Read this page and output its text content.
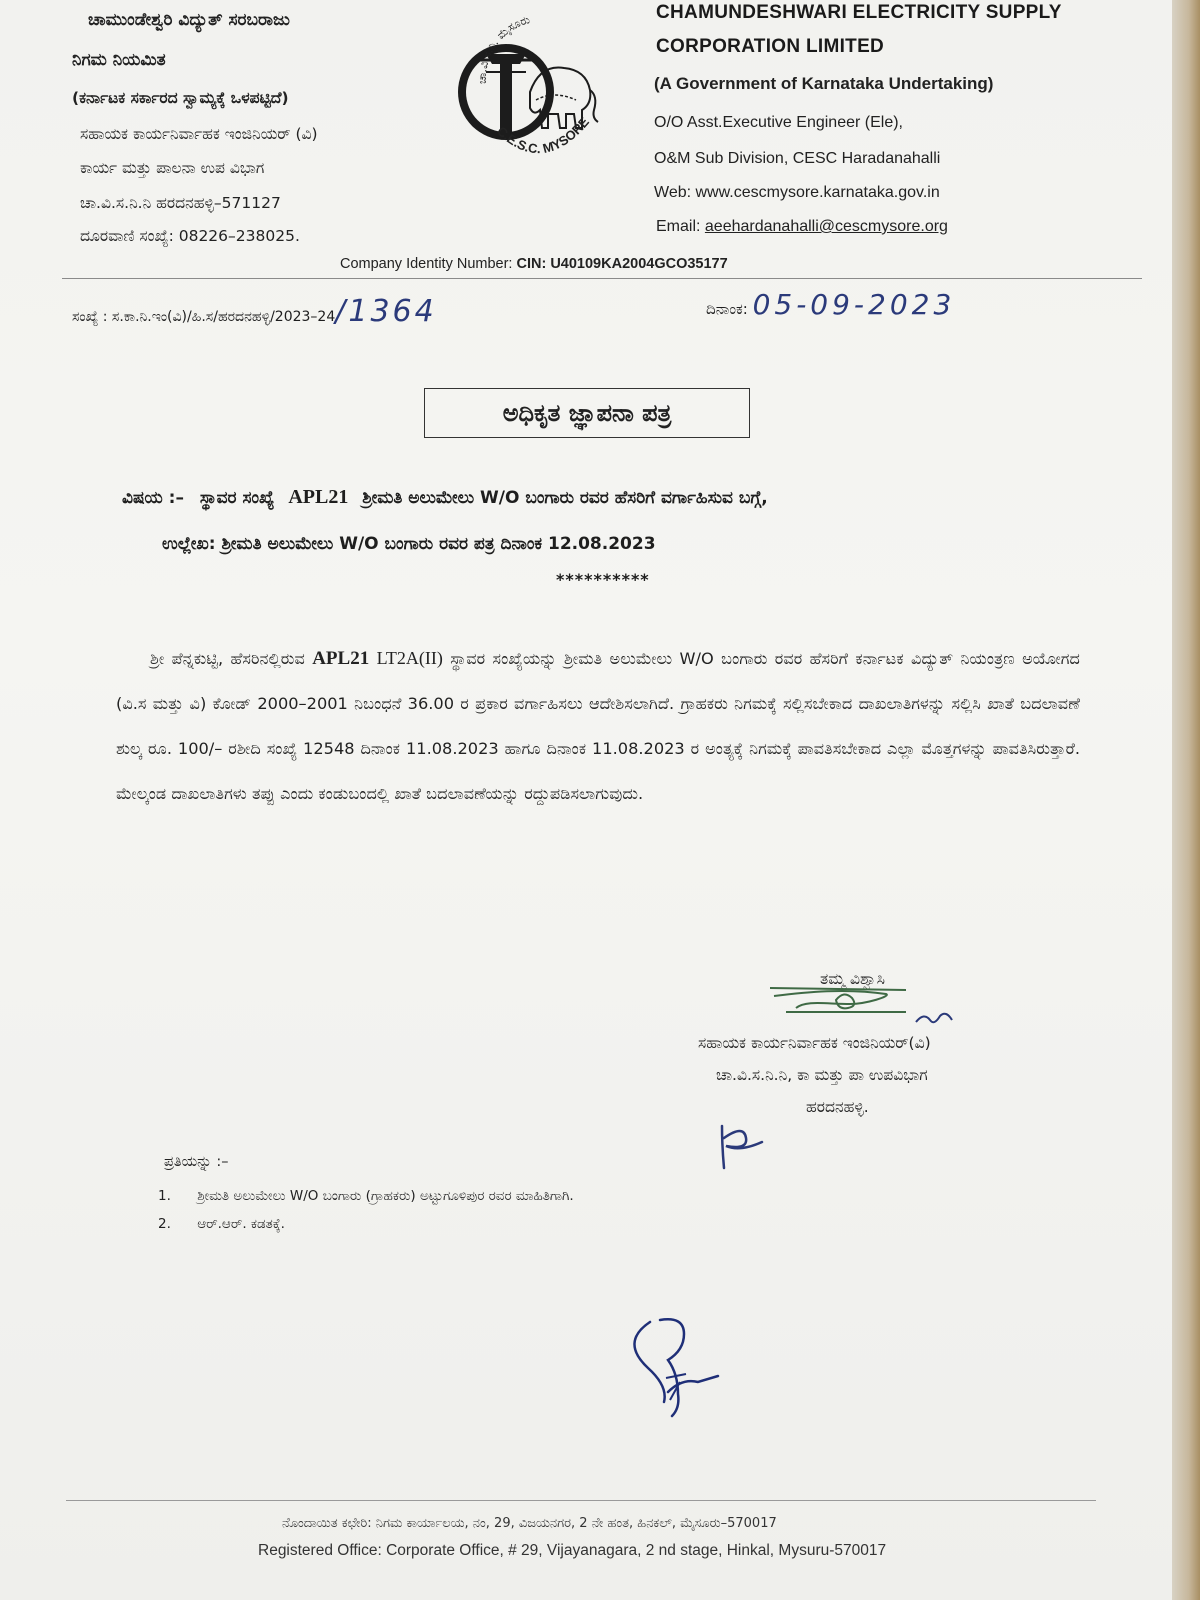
ಚಾಮುಂಡೇಶ್ವರಿ ವಿದ್ಯುತ್ ಸರಬರಾಜು
ನಿಗಮ ನಿಯಮಿತ
(ಕರ್ನಾಟಕ ಸರ್ಕಾರದ ಸ್ವಾಮ್ಯಕ್ಕೆ ಒಳಪಟ್ಟಿದೆ)
ಸಹಾಯಕ ಕಾರ್ಯನಿರ್ವಾಹಕ ಇಂಜಿನಿಯರ್ (ವಿ)
ಕಾರ್ಯ ಮತ್ತು ಪಾಲನಾ ಉಪ ವಿಭಾಗ
ಚಾ.ವಿ.ಸ.ನಿ.ನಿ ಹರದನಹಳ್ಳಿ–571127
ದೂರವಾಣಿ ಸಂಖ್ಯೆ: 08226–238025.
ಚಾ.ವಿ.ಸ.ನಿ. ಮೈಸೂರು
C.E.S.C. MYSORE
CHAMUNDESHWARI ELECTRICITY SUPPLY
CORPORATION LIMITED
(A Government of Karnataka Undertaking)
O/O Asst.Executive Engineer (Ele),
O&M Sub Division, CESC Haradanahalli
Web: www.cescmysore.karnataka.gov.in
Email: aeehardanahalli@cescmysore.org
Company Identity Number: CIN: U40109KA2004GCO35177
ಸಂಖ್ಯೆ : ಸ.ಕಾ.ನಿ.ಇಂ(ವಿ)/ಹಿ.ಸ/ಹರದನಹಳ್ಳಿ/2023–24/1364	ದಿನಾಂಕ: 05-09-2023
ಅಧಿಕೃತ ಜ್ಞಾಪನಾ ಪತ್ರ
ವಿಷಯ :– ಸ್ಥಾವರ ಸಂಖ್ಯೆ APL21 ಶ್ರೀಮತಿ ಅಲುಮೇಲು W/O ಬಂಗಾರು ರವರ ಹೆಸರಿಗೆ ವರ್ಗಾಹಿಸುವ ಬಗ್ಗೆ,
ಉಲ್ಲೇಖ: ಶ್ರೀಮತಿ ಅಲುಮೇಲು W/O ಬಂಗಾರು ರವರ ಪತ್ರ ದಿನಾಂಕ 12.08.2023
**********
ಶ್ರೀ ಪೆನ್ನಕುಟ್ಟಿ, ಹೆಸರಿನಲ್ಲಿರುವ APL21 LT2A(II) ಸ್ಥಾವರ ಸಂಖ್ಯೆಯನ್ನು ಶ್ರೀಮತಿ ಅಲುಮೇಲು W/O ಬಂಗಾರು ರವರ ಹೆಸರಿಗೆ ಕರ್ನಾಟಕ ವಿದ್ಯುತ್ ನಿಯಂತ್ರಣ ಅಯೋಗದ (ವಿ.ಸ ಮತ್ತು ವಿ) ಕೋಡ್ 2000–2001 ನಿಬಂಧನೆ 36.00 ರ ಪ್ರಕಾರ ವರ್ಗಾಹಿಸಲು ಆದೇಶಿಸಲಾಗಿದೆ. ಗ್ರಾಹಕರು ನಿಗಮಕ್ಕೆ ಸಲ್ಲಿಸಬೇಕಾದ ದಾಖಲಾತಿಗಳನ್ನು ಸಲ್ಲಿಸಿ ಖಾತೆ ಬದಲಾವಣೆ ಶುಲ್ಕ ರೂ. 100/– ರಶೀದಿ ಸಂಖ್ಯೆ 12548 ದಿನಾಂಕ 11.08.2023 ಹಾಗೂ ದಿನಾಂಕ 11.08.2023 ರ ಅಂತ್ಯಕ್ಕೆ ನಿಗಮಕ್ಕೆ ಪಾವತಿಸಬೇಕಾದ ಎಲ್ಲಾ ಮೊತ್ತಗಳನ್ನು ಪಾವತಿಸಿರುತ್ತಾರೆ. ಮೇಲ್ಕಂಡ ದಾಖಲಾತಿಗಳು ತಪ್ಪು ಎಂದು ಕಂಡುಬಂದಲ್ಲಿ ಖಾತೆ ಬದಲಾವಣೆಯನ್ನು ರದ್ದುಪಡಿಸಲಾಗುವುದು.
ತಮ್ಮ ವಿಶ್ವಾಸಿ
ಸಹಾಯಕ ಕಾರ್ಯನಿರ್ವಾಹಕ ಇಂಜಿನಿಯರ್(ವಿ)
ಚಾ.ವಿ.ಸ.ನಿ.ನಿ, ಕಾ ಮತ್ತು ಪಾ ಉಪವಿಭಾಗ
ಹರದನಹಳ್ಳಿ.
ಪ್ರತಿಯನ್ನು :–
1. ಶ್ರೀಮತಿ ಅಲುಮೇಲು W/O ಬಂಗಾರು (ಗ್ರಾಹಕರು) ಅಟ್ಟುಗೂಳಿಪುರ ರವರ ಮಾಹಿತಿಗಾಗಿ.
2. ಆರ್.ಆರ್. ಕಡತಕ್ಕೆ.
ನೊಂದಾಯಿತ ಕಛೇರಿ: ನಿಗಮ ಕಾರ್ಯಾಲಯ, ನಂ, 29, ವಿಜಯನಗರ, 2 ನೇ ಹಂತ, ಹಿನಕಲ್, ಮೈಸೂರು–570017
Registered Office: Corporate Office, # 29, Vijayanagara, 2 nd stage, Hinkal, Mysuru-570017
